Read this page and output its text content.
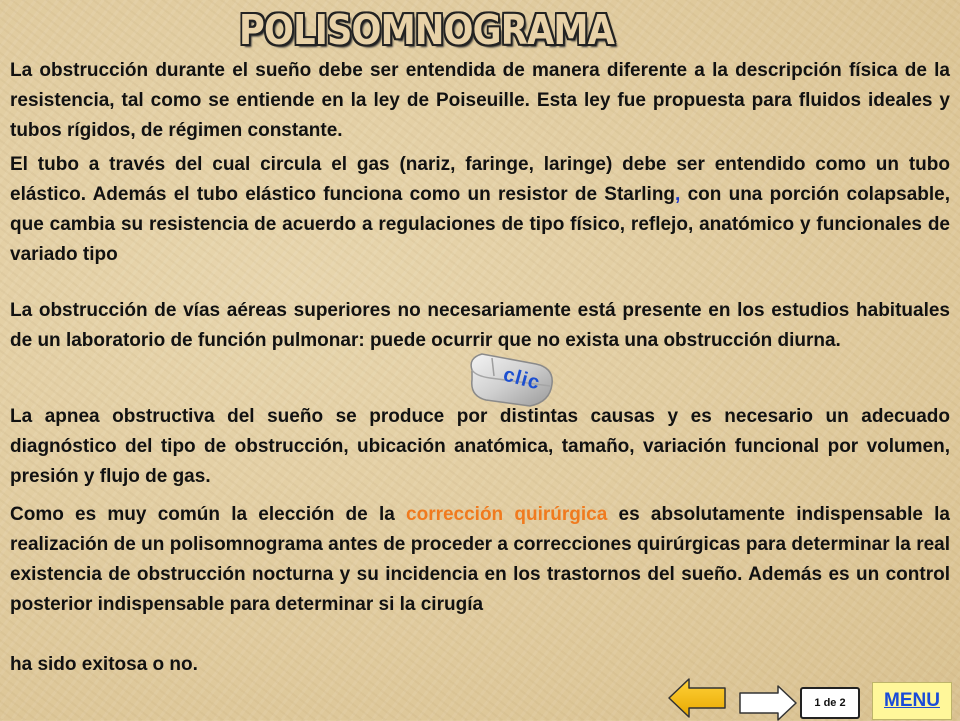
POLISOMNOGRAMA

La obstrucción durante el sueño debe ser entendida de manera diferente a la descripción física de la resistencia, tal como se entiende en la ley de Poiseuille. Esta ley fue propuesta para fluidos ideales y tubos rígidos, de régimen constante.

El tubo a través del cual circula el gas (nariz, faringe, laringe) debe ser entendido como un tubo elástico. Además el tubo elástico funciona como un resistor de Starling, con una porción colapsable, que cambia su resistencia de acuerdo a regulaciones de tipo físico, reflejo, anatómico y funcionales de variado tipo

La obstrucción de vías aéreas superiores no necesariamente está presente en los estudios habituales de un laboratorio de función pulmonar: puede ocurrir que no exista una obstrucción diurna.

La apnea obstructiva del sueño se produce por distintas causas y es necesario un adecuado diagnóstico del tipo de obstrucción, ubicación anatómica, tamaño, variación funcional por volumen, presión y flujo de gas.

Como es muy común la elección de la corrección quirúrgica es absolutamente indispensable la realización de un polisomnograma antes de proceder a correcciones quirúrgicas para determinar la real existencia de obstrucción nocturna y su incidencia en los trastornos del sueño. Además es un control posterior indispensable para determinar si la cirugía

ha sido exitosa o no.

clic
1 de 2	MENU
